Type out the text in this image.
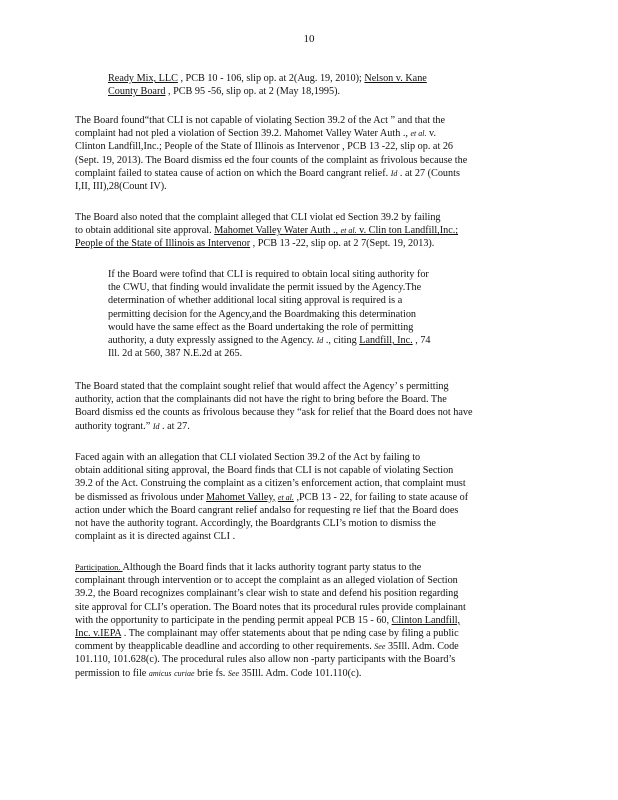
10
Ready Mix, LLC , PCB 10 - 106, slip op. at 2(Aug. 19, 2010); Nelson v. Kane
County Board , PCB 95 -56, slip op. at 2 (May 18,1995).
The Board found“that CLI is not capable of violating Section 39.2 of the Act ” and that the
complaint had not pled a violation of Section 39.2. Mahomet Valley Water Auth ., et al. v.
Clinton Landfill,Inc.; People of the State of Illinois as Intervenor , PCB 13 -22, slip op. at 26
(Sept. 19, 2013). The Board dismiss ed the four counts of the complaint as frivolous because the
complaint failed to statea cause of action on which the Board cangrant relief. Id . at 27 (Counts
I,II, III),28(Count IV).
The Board also noted that the complaint alleged that CLI violat ed Section 39.2 by failing
to obtain additional site approval. Mahomet Valley Water Auth ., et al. v. Clin ton Landfill,Inc.;
People of the State of Illinois as Intervenor , PCB 13 -22, slip op. at 2 7(Sept. 19, 2013).
If the Board were tofind that CLI is required to obtain local siting authority for
the CWU, that finding would invalidate the permit issued by the Agency.The
determination of whether additional local siting approval is required is a
permitting decision for the Agency,and the Boardmaking this determination
would have the same effect as the Board undertaking the role of permitting
authority, a duty expressly assigned to the Agency. Id ., citing Landfill, Inc. , 74
Ill. 2d at 560, 387 N.E.2d at 265.
The Board stated that the complaint sought relief that would affect the Agency’ s permitting
authority, action that the complainants did not have the right to bring before the Board. The
Board dismiss ed the counts as frivolous because they “ask for relief that the Board does not have
authority togrant.” Id . at 27.
Faced again with an allegation that CLI violated Section 39.2 of the Act by failing to
obtain additional siting approval, the Board finds that CLI is not capable of violating Section
39.2 of the Act. Construing the complaint as a citizen’s enforcement action, that complaint must
be dismissed as frivolous under Mahomet Valley, et al. ,PCB 13 - 22, for failing to state acause of
action under which the Board cangrant relief andalso for requesting re lief that the Board does
not have the authority togrant. Accordingly, the Boardgrants CLI’s motion to dismiss the
complaint as it is directed against CLI .
Participation. Although the Board finds that it lacks authority togrant party status to the
complainant through intervention or to accept the complaint as an alleged violation of Section
39.2, the Board recognizes complainant’s clear wish to state and defend his position regarding
site approval for CLI’s operation. The Board notes that its procedural rules provide complainant
with the opportunity to participate in the pending permit appeal PCB 15 - 60, Clinton Landfill,
Inc. v.IEPA . The complainant may offer statements about that pe nding case by filing a public
comment by theapplicable deadline and according to other requirements. See 35Ill. Adm. Code
101.110, 101.628(c). The procedural rules also allow non -party participants with the Board’s
permission to file amicus curiae brie fs. See 35Ill. Adm. Code 101.110(c).
